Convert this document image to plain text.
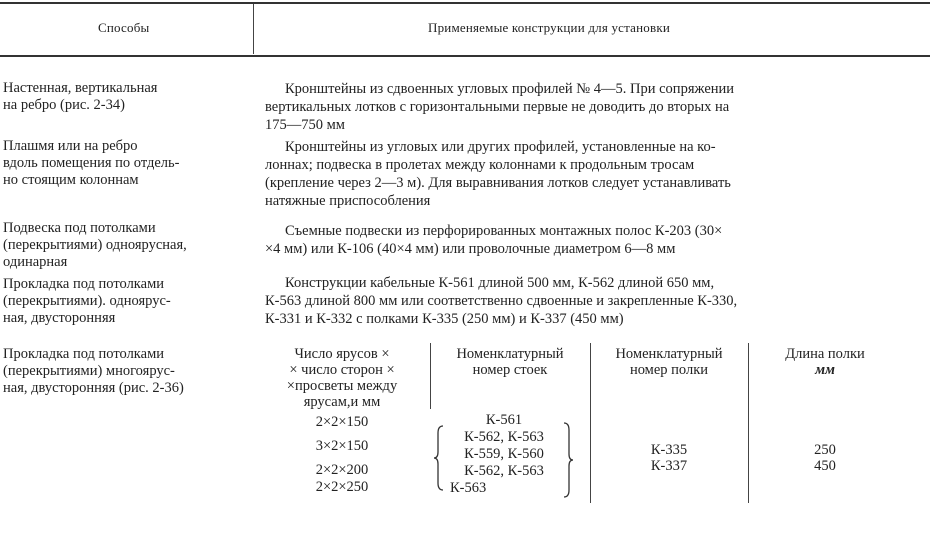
Способы	Применяемые конструкции для установки
Настенная, вертикальная
на ребро (рис. 2-34)
Кронштейны из сдвоенных угловых профилей № 4—5. При сопряжении
вертикальных лотков с горизонтальными первые не доводить до вторых на
175—750 мм
Плашмя или на ребро
вдоль помещения по отдель-
но стоящим колоннам
Кронштейны из угловых или других профилей, установленные на ко-
лоннах; подвеска в пролетах между колоннами к продольным тросам
(крепление через 2—3 м). Для выравнивания лотков следует устанавливать
натяжные приспособления
Подвеска под потолками
(перекрытиями) одноярусная,
одинарная
Съемные подвески из перфорированных монтажных полос К-203 (30×
×4 мм) или К-106 (40×4 мм) или проволочные диаметром 6—8 мм
Прокладка под потолками
(перекрытиями). одноярус-
ная, двусторонняя
Конструкции кабельные К-561 длиной 500 мм, К-562 длиной 650 мм,
К-563 длиной 800 мм или соответственно сдвоенные и закрепленные К-330,
К-331 и К-332 с полками К-335 (250 мм) и К-337 (450 мм)
Прокладка под потолками
(перекрытиями) многоярус-
ная, двусторонняя (рис. 2-36)
Число ярусов ×
× число сторон ×
×просветы между
ярусам,и мм
Номенклатурный
номер стоек
Номенклатурный
номер полки
Длина полки
мм
2×2×150
3×2×150
2×2×200
2×2×250
К-561
К-562, К-563
К-559, К-560
К-562, К-563
К-563
К-335
К-337
250
450
